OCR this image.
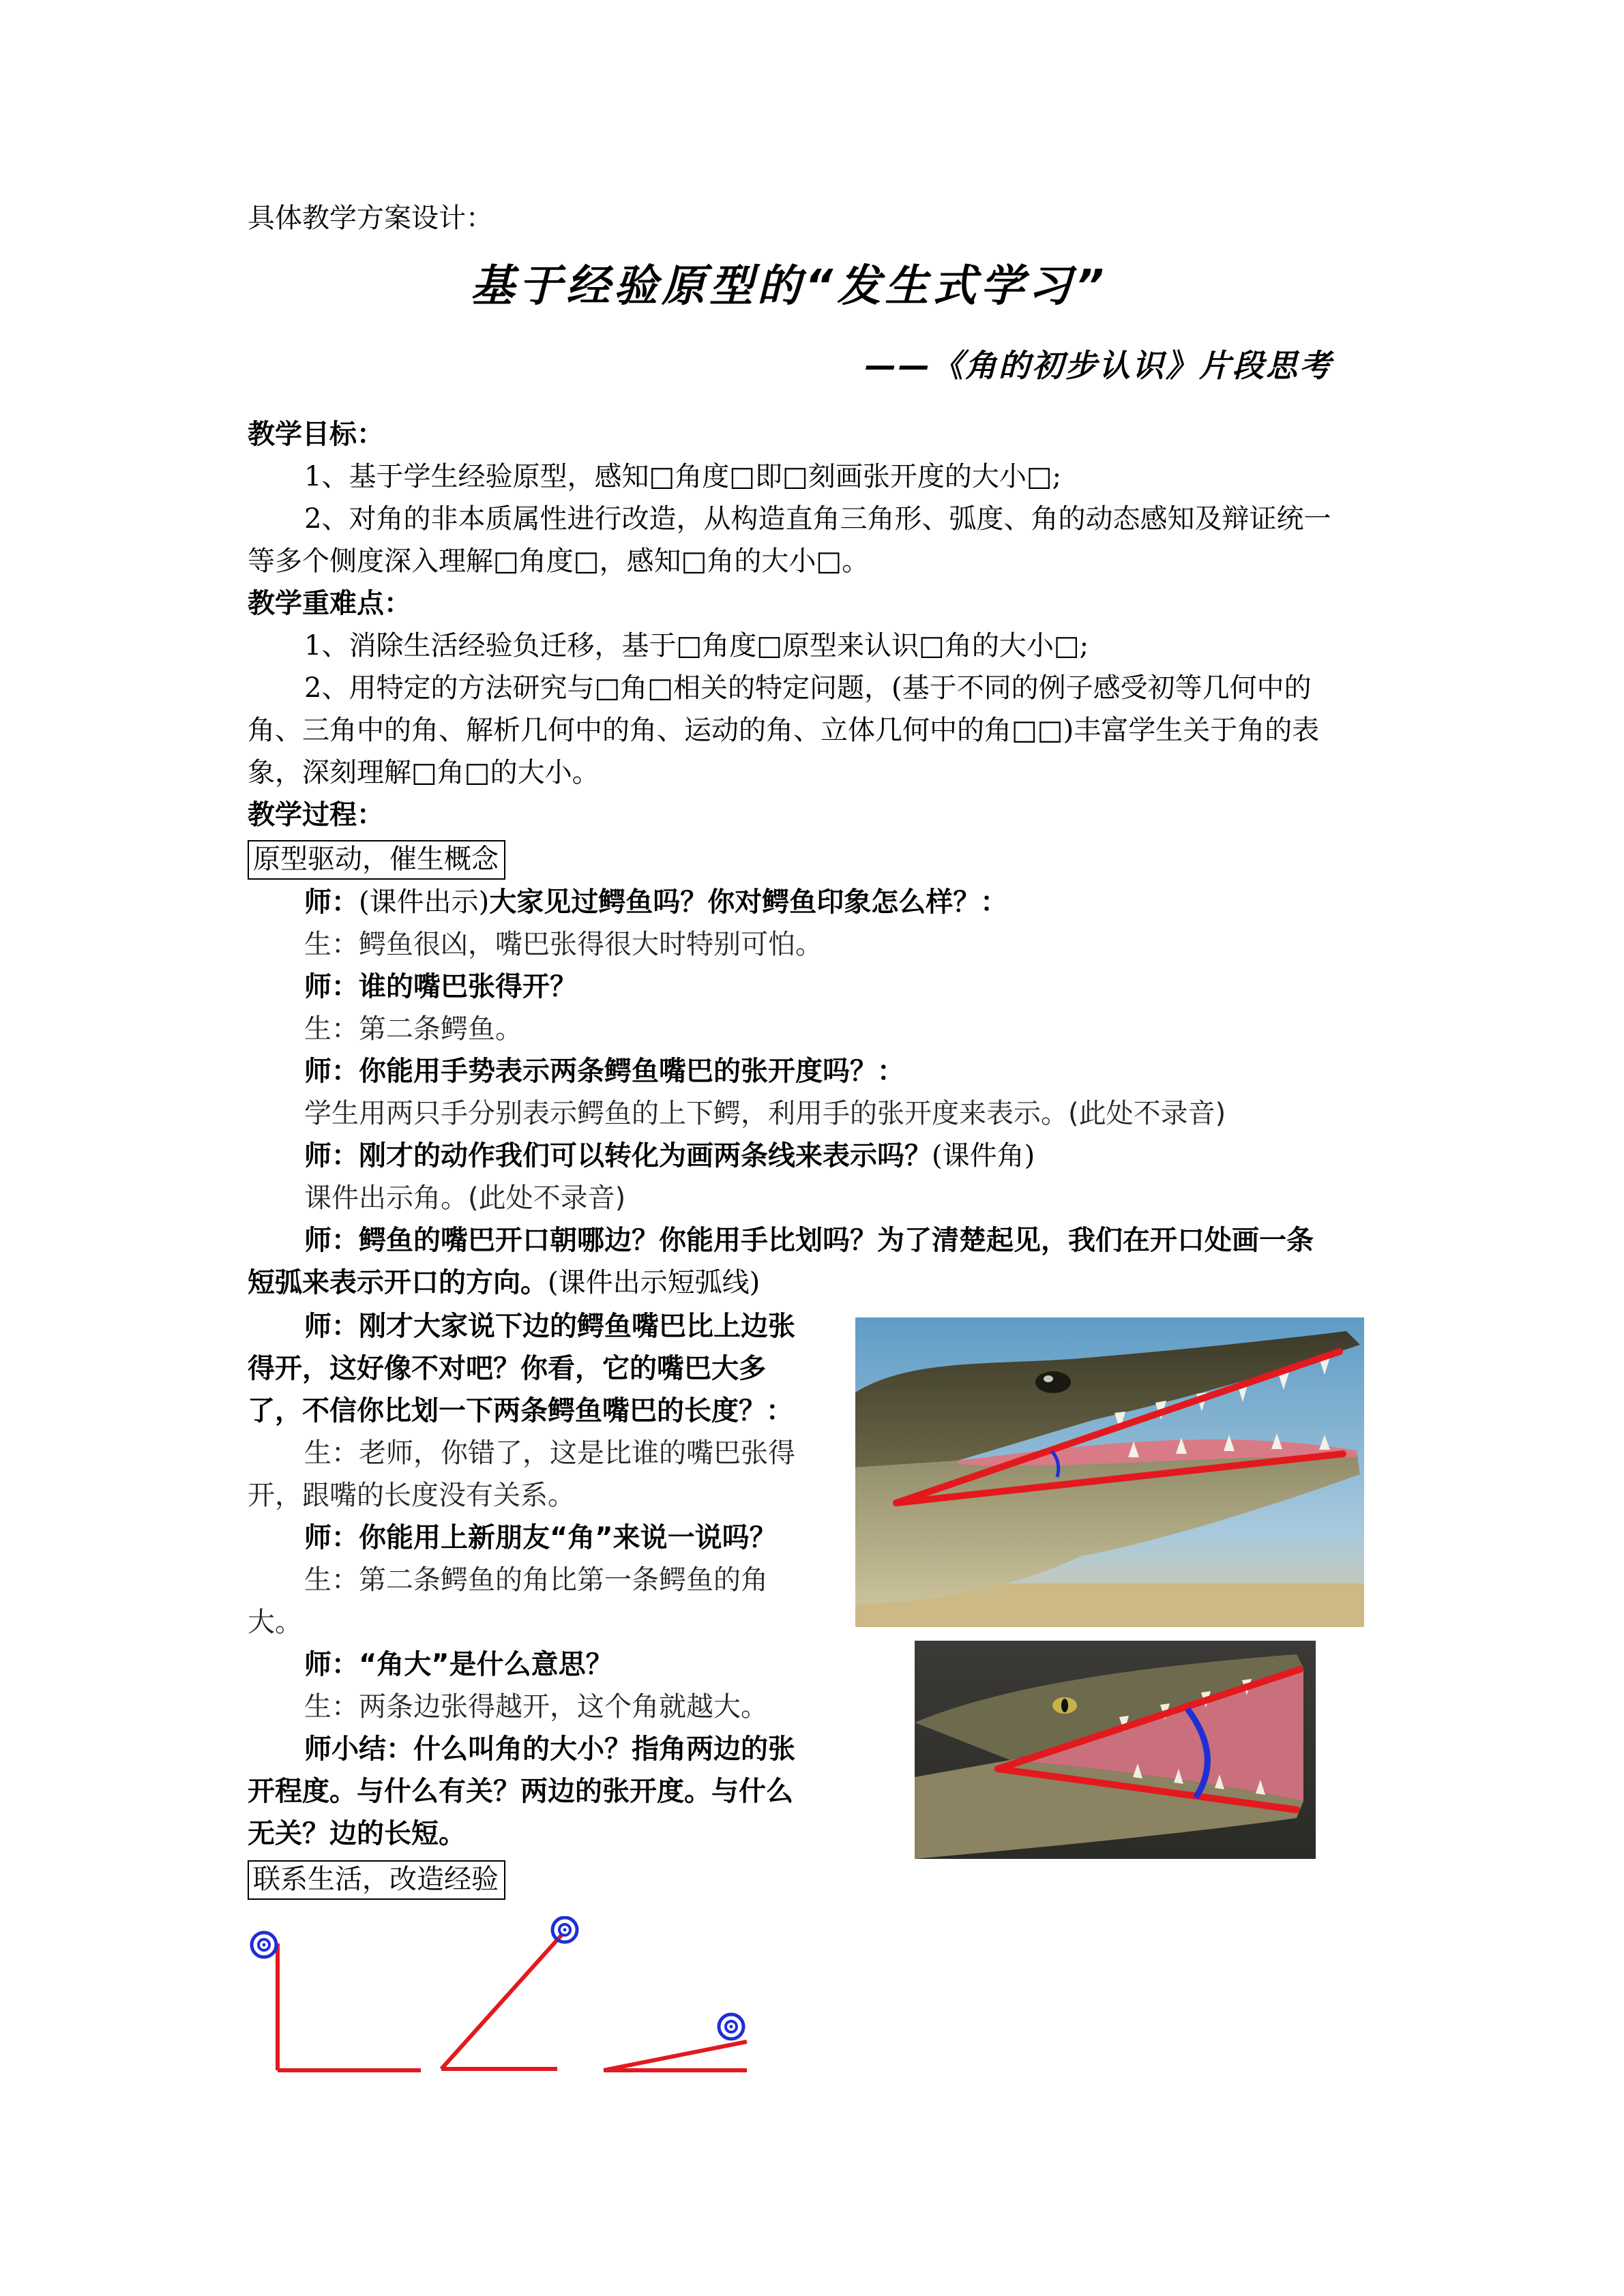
具体教学方案设计：
基于经验原型的“发生式学习”
——《角的初步认识》片段思考
教学目标：
1、基于学生经验原型，感知□角度□即□刻画张开度的大小□;
2、对角的非本质属性进行改造，从构造直角三角形、弧度、角的动态感知及辩证统一
等多个侧度深入理解□角度□，感知□角的大小□。
教学重难点：
1、消除生活经验负迁移，基于□角度□原型来认识□角的大小□;
2、用特定的方法研究与□角□相关的特定问题，(基于不同的例子感受初等几何中的
角、三角中的角、解析几何中的角、运动的角、立体几何中的角□□)丰富学生关于角的表
象，深刻理解□角□的大小。
教学过程：
原型驱动，催生概念
师：(课件出示)大家见过鳄鱼吗？你对鳄鱼印象怎么样？：
生：鳄鱼很凶，嘴巴张得很大时特别可怕。
师：谁的嘴巴张得开？
生：第二条鳄鱼。
师：你能用手势表示两条鳄鱼嘴巴的张开度吗？：
学生用两只手分别表示鳄鱼的上下鳄，利用手的张开度来表示。(此处不录音)
师：刚才的动作我们可以转化为画两条线来表示吗？(课件角)
课件出示角。(此处不录音)
师：鳄鱼的嘴巴开口朝哪边？你能用手比划吗？为了清楚起见，我们在开口处画一条
短弧来表示开口的方向。(课件出示短弧线)
师：刚才大家说下边的鳄鱼嘴巴比上边张
得开，这好像不对吧？你看，它的嘴巴大多
了，不信你比划一下两条鳄鱼嘴巴的长度？：
生：老师，你错了，这是比谁的嘴巴张得
开，跟嘴的长度没有关系。
师：你能用上新朋友“角”来说一说吗？
生：第二条鳄鱼的角比第一条鳄鱼的角
大。
师：“角大”是什么意思？
生：两条边张得越开，这个角就越大。
师小结：什么叫角的大小？指角两边的张
开程度。与什么有关？两边的张开度。与什么
无关？边的长短。
联系生活，改造经验
